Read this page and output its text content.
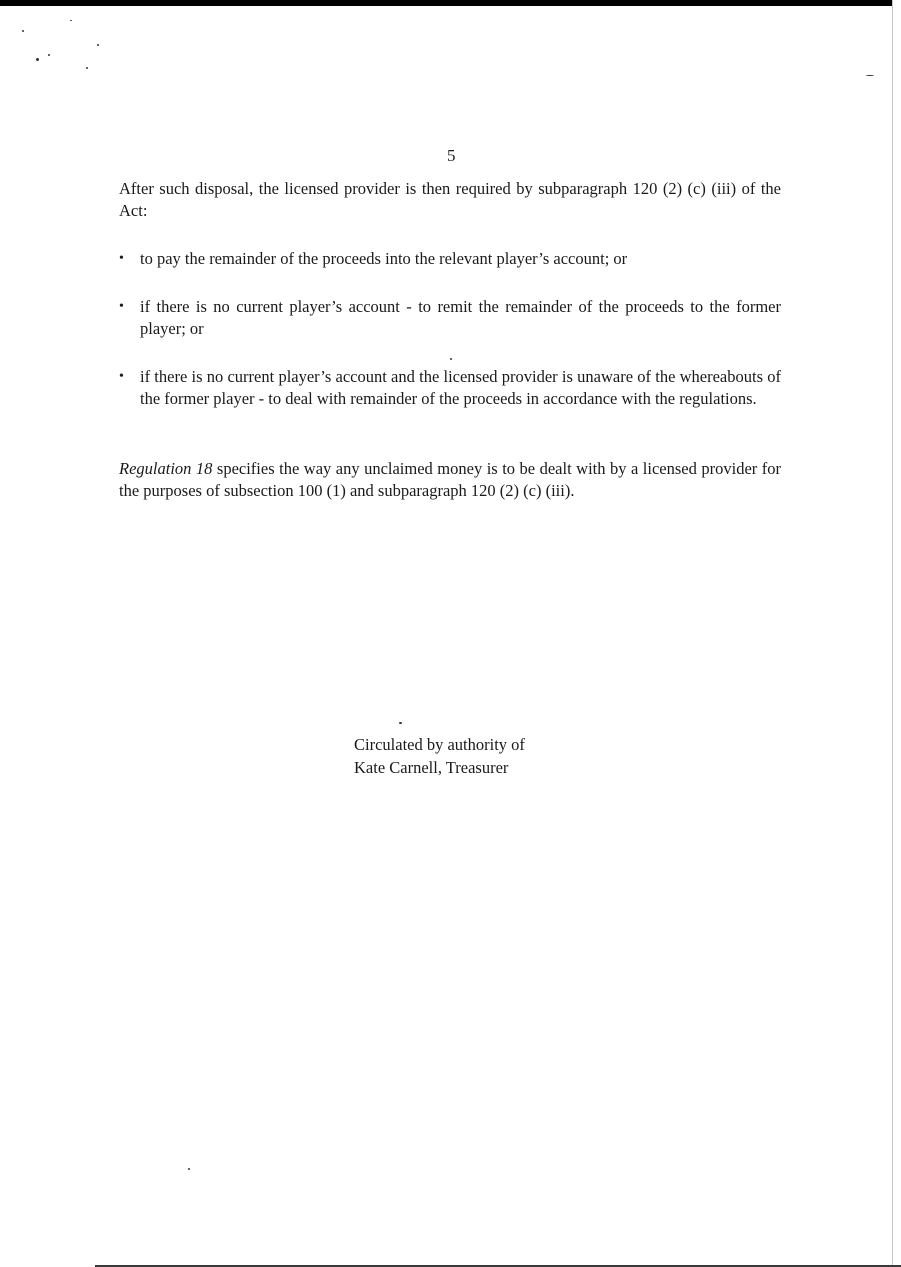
5

After such disposal, the licensed provider is then required by subparagraph 120 (2) (c) (iii) of the Act:

• to pay the remainder of the proceeds into the relevant player’s account; or
• if there is no current player’s account - to remit the remainder of the proceeds to the former player; or
• if there is no current player’s account and the licensed provider is unaware of the whereabouts of the former player - to deal with remainder of the proceeds in accordance with the regulations.

Regulation 18 specifies the way any unclaimed money is to be dealt with by a licensed provider for the purposes of subsection 100 (1) and subparagraph 120 (2) (c) (iii).

Circulated by authority of
Kate Carnell, Treasurer
